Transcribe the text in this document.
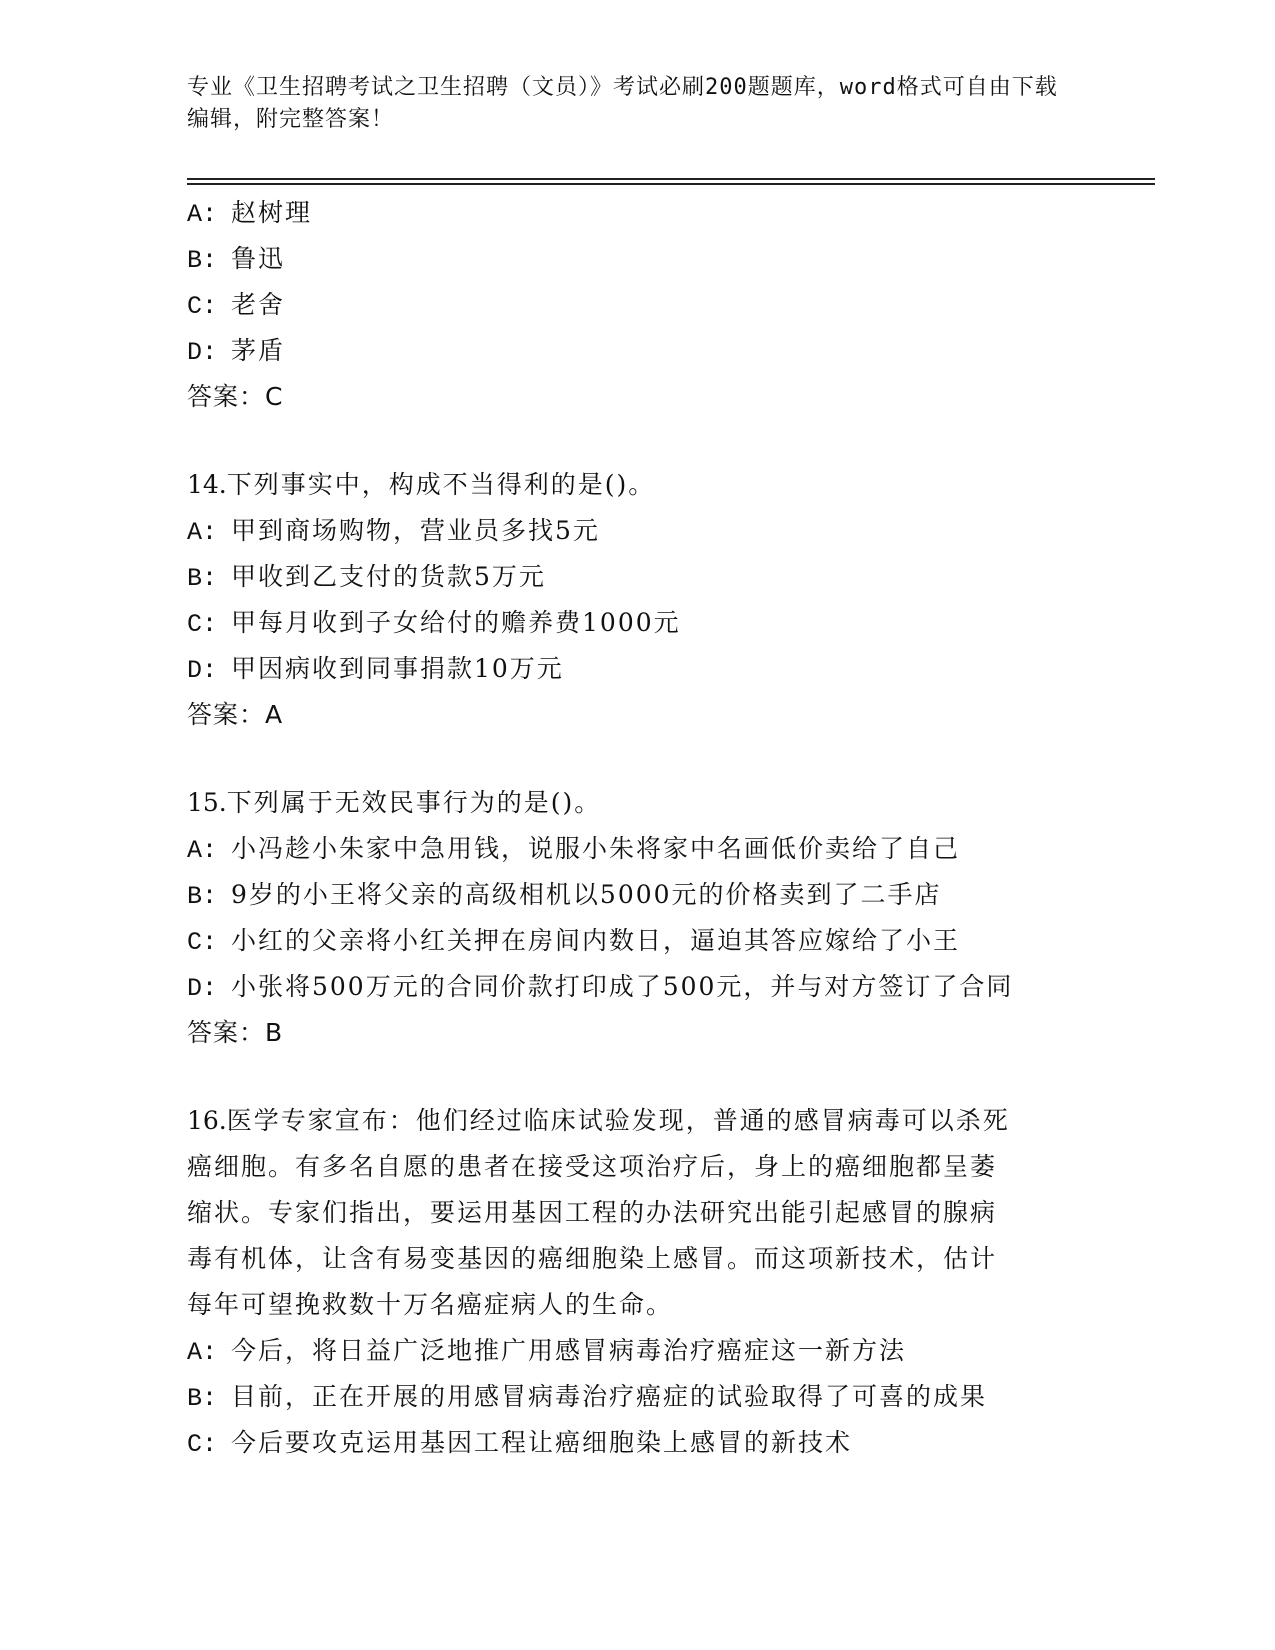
专业《卫生招聘考试之卫生招聘（文员）》考试必刷200题题库，word格式可自由下载编辑，附完整答案！
A: 赵树理
B: 鲁迅
C: 老舍
D: 茅盾
答案：C
14.下列事实中，构成不当得利的是()。
A: 甲到商场购物，营业员多找5元
B: 甲收到乙支付的货款5万元
C: 甲每月收到子女给付的赡养费1000元
D: 甲因病收到同事捐款10万元
答案：A
15.下列属于无效民事行为的是()。
A: 小冯趁小朱家中急用钱，说服小朱将家中名画低价卖给了自己
B: 9岁的小王将父亲的高级相机以5000元的价格卖到了二手店
C: 小红的父亲将小红关押在房间内数日，逼迫其答应嫁给了小王
D: 小张将500万元的合同价款打印成了500元，并与对方签订了合同
答案：B
16.医学专家宣布：他们经过临床试验发现，普通的感冒病毒可以杀死
癌细胞。有多名自愿的患者在接受这项治疗后，身上的癌细胞都呈萎
缩状。专家们指出，要运用基因工程的办法研究出能引起感冒的腺病
毒有机体，让含有易变基因的癌细胞染上感冒。而这项新技术，估计
每年可望挽救数十万名癌症病人的生命。
A: 今后，将日益广泛地推广用感冒病毒治疗癌症这一新方法
B: 目前，正在开展的用感冒病毒治疗癌症的试验取得了可喜的成果
C: 今后要攻克运用基因工程让癌细胞染上感冒的新技术
